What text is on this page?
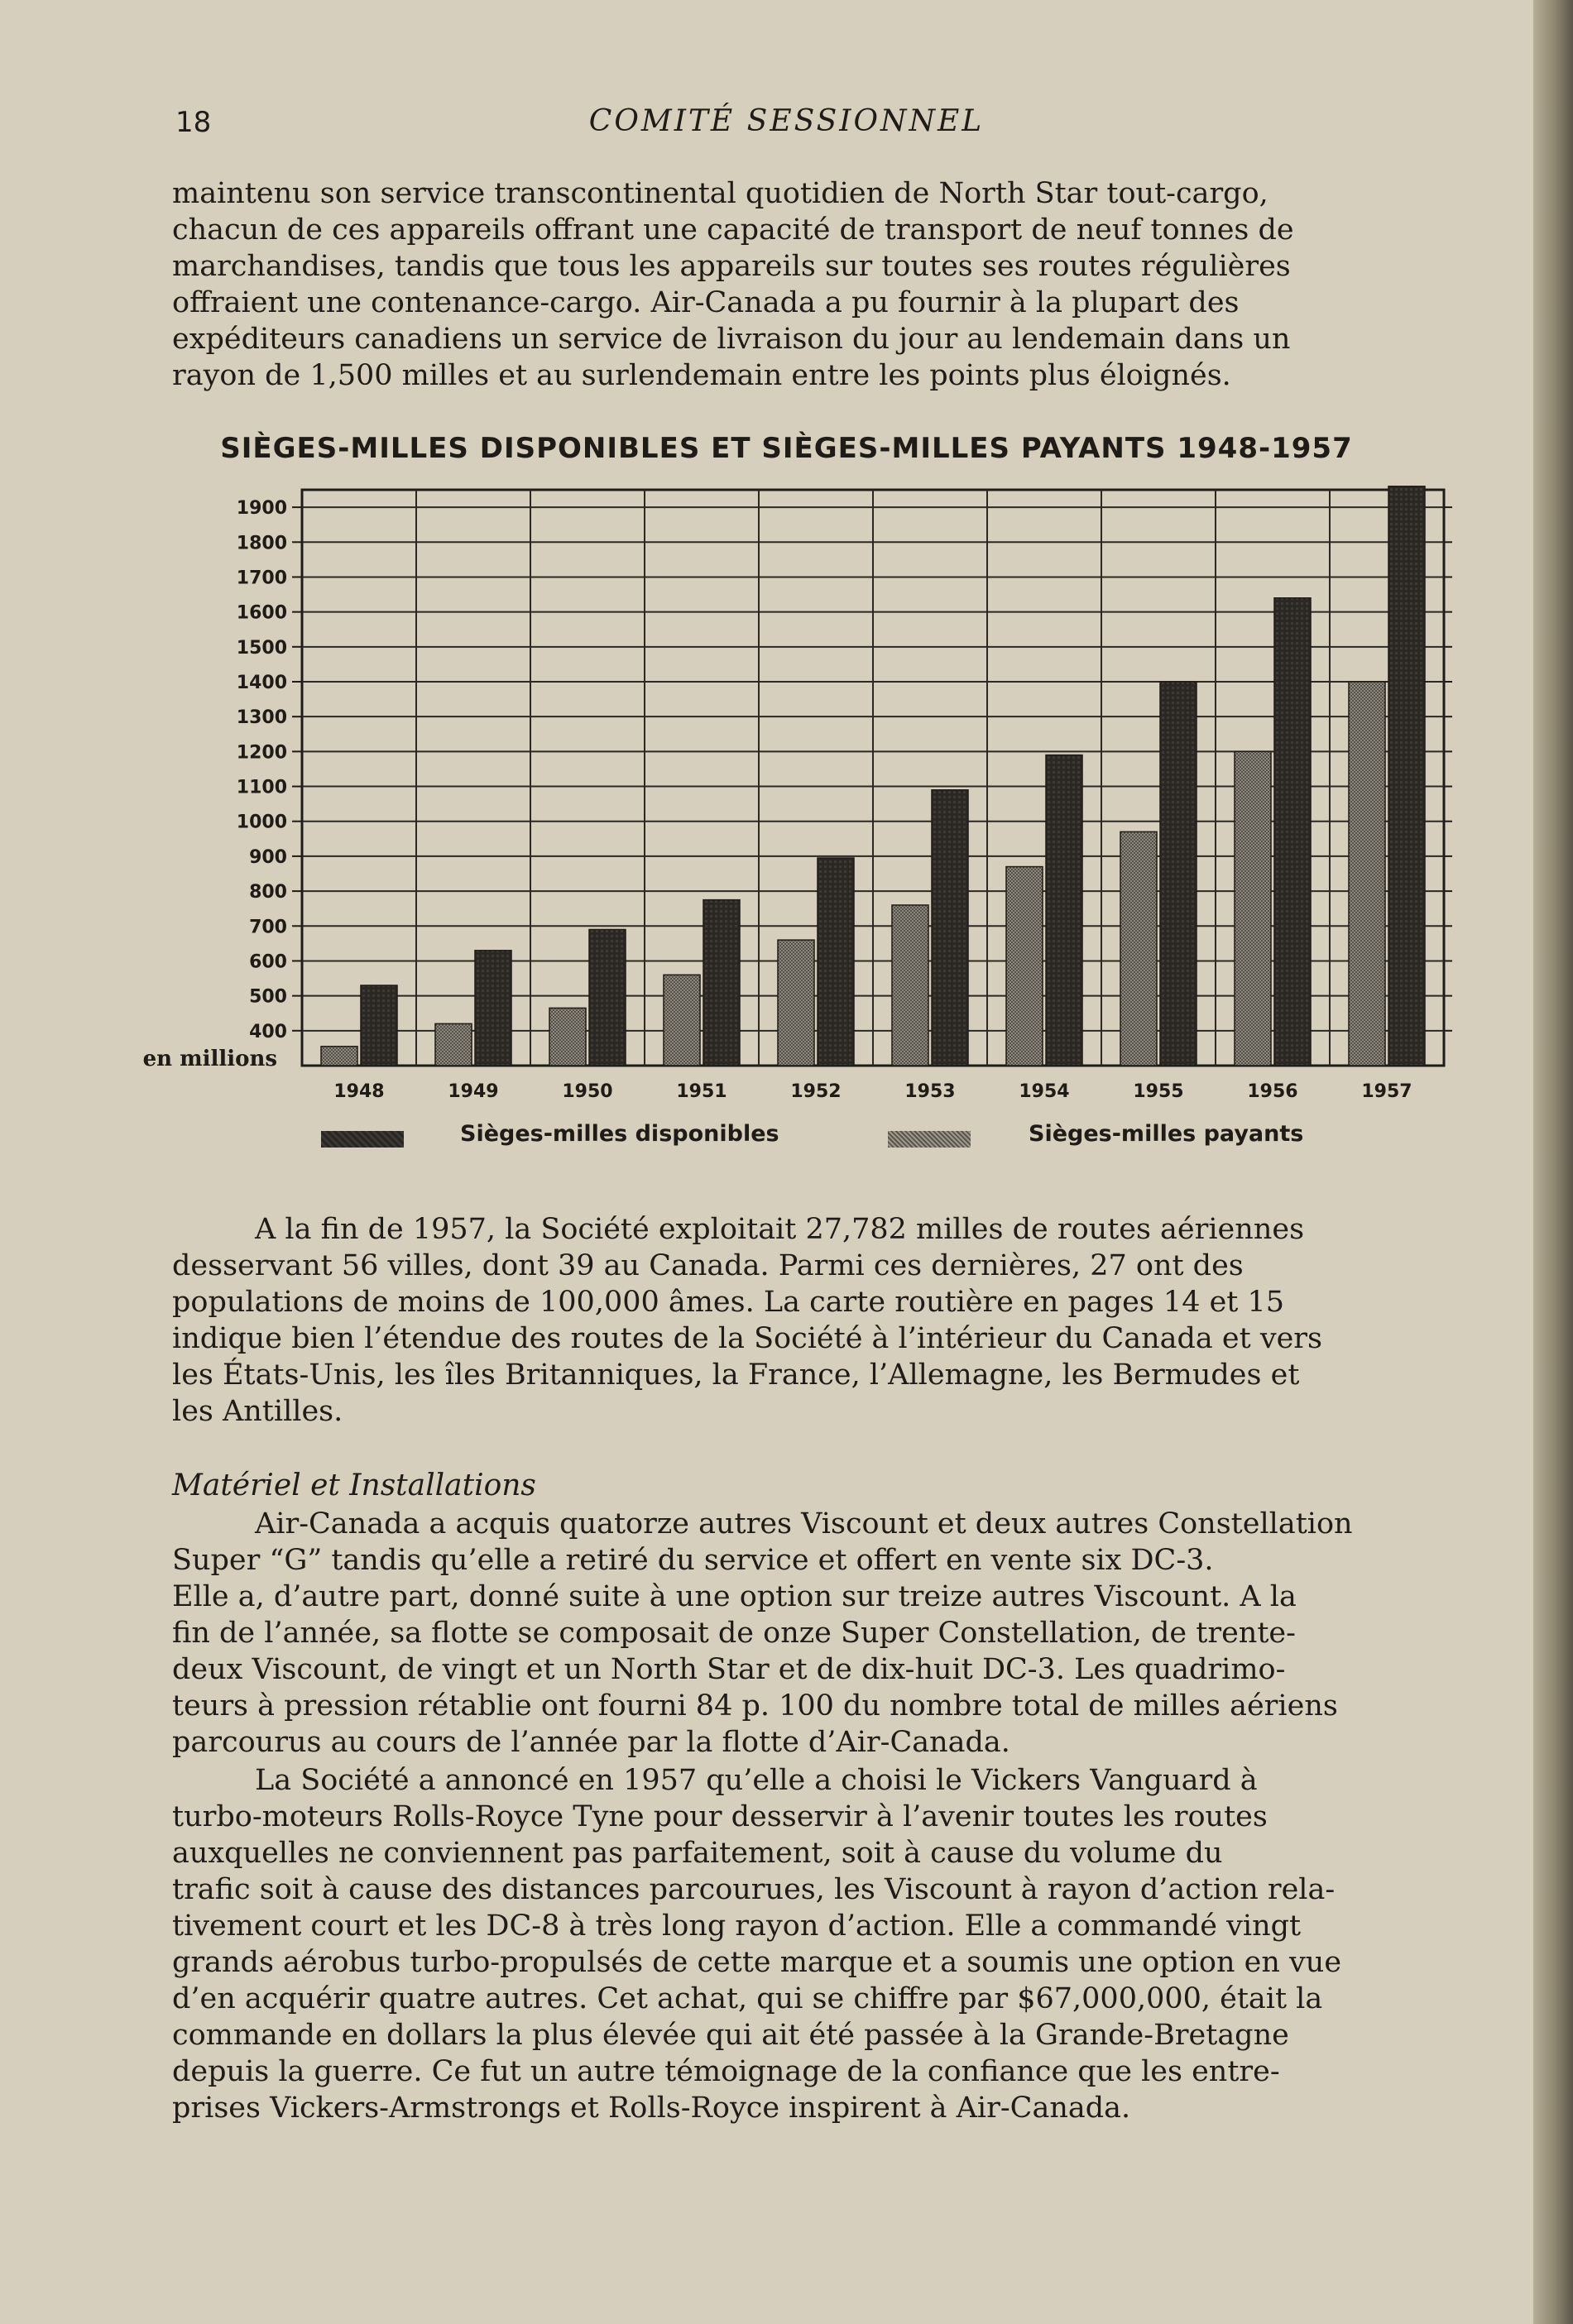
18	COMITÉ SESSIONNEL

maintenu son service transcontinental quotidien de North Star tout-cargo,
chacun de ces appareils offrant une capacité de transport de neuf tonnes de
marchandises, tandis que tous les appareils sur toutes ses routes régulières
offraient une contenance-cargo. Air-Canada a pu fournir à la plupart des
expéditeurs canadiens un service de livraison du jour au lendemain dans un
rayon de 1,500 milles et au surlendemain entre les points plus éloignés.

SIÈGES-MILLES DISPONIBLES ET SIÈGES-MILLES PAYANTS 1948-1957
400
500
600
700
800
900
1000
1100
1200
1300
1400
1500
1600
1700
1800
1900
1948	1949	1950	1951	1952	1953	1954	1955	1956	1957
en millions
Sièges-milles disponibles	Sièges-milles payants

A la fin de 1957, la Société exploitait 27,782 milles de routes aériennes
desservant 56 villes, dont 39 au Canada. Parmi ces dernières, 27 ont des
populations de moins de 100,000 âmes. La carte routière en pages 14 et 15
indique bien l’étendue des routes de la Société à l’intérieur du Canada et vers
les États-Unis, les îles Britanniques, la France, l’Allemagne, les Bermudes et
les Antilles.

Matériel et Installations

Air-Canada a acquis quatorze autres Viscount et deux autres Constellation
Super “G” tandis qu’elle a retiré du service et offert en vente six DC-3.
Elle a, d’autre part, donné suite à une option sur treize autres Viscount. A la
fin de l’année, sa flotte se composait de onze Super Constellation, de trente-
deux Viscount, de vingt et un North Star et de dix-huit DC-3. Les quadrimo-
teurs à pression rétablie ont fourni 84 p. 100 du nombre total de milles aériens
parcourus au cours de l’année par la flotte d’Air-Canada.

La Société a annoncé en 1957 qu’elle a choisi le Vickers Vanguard à
turbo-moteurs Rolls-Royce Tyne pour desservir à l’avenir toutes les routes
auxquelles ne conviennent pas parfaitement, soit à cause du volume du
trafic soit à cause des distances parcourues, les Viscount à rayon d’action rela-
tivement court et les DC-8 à très long rayon d’action. Elle a commandé vingt
grands aérobus turbo-propulsés de cette marque et a soumis une option en vue
d’en acquérir quatre autres. Cet achat, qui se chiffre par $67,000,000, était la
commande en dollars la plus élevée qui ait été passée à la Grande-Bretagne
depuis la guerre. Ce fut un autre témoignage de la confiance que les entre-
prises Vickers-Armstrongs et Rolls-Royce inspirent à Air-Canada.
